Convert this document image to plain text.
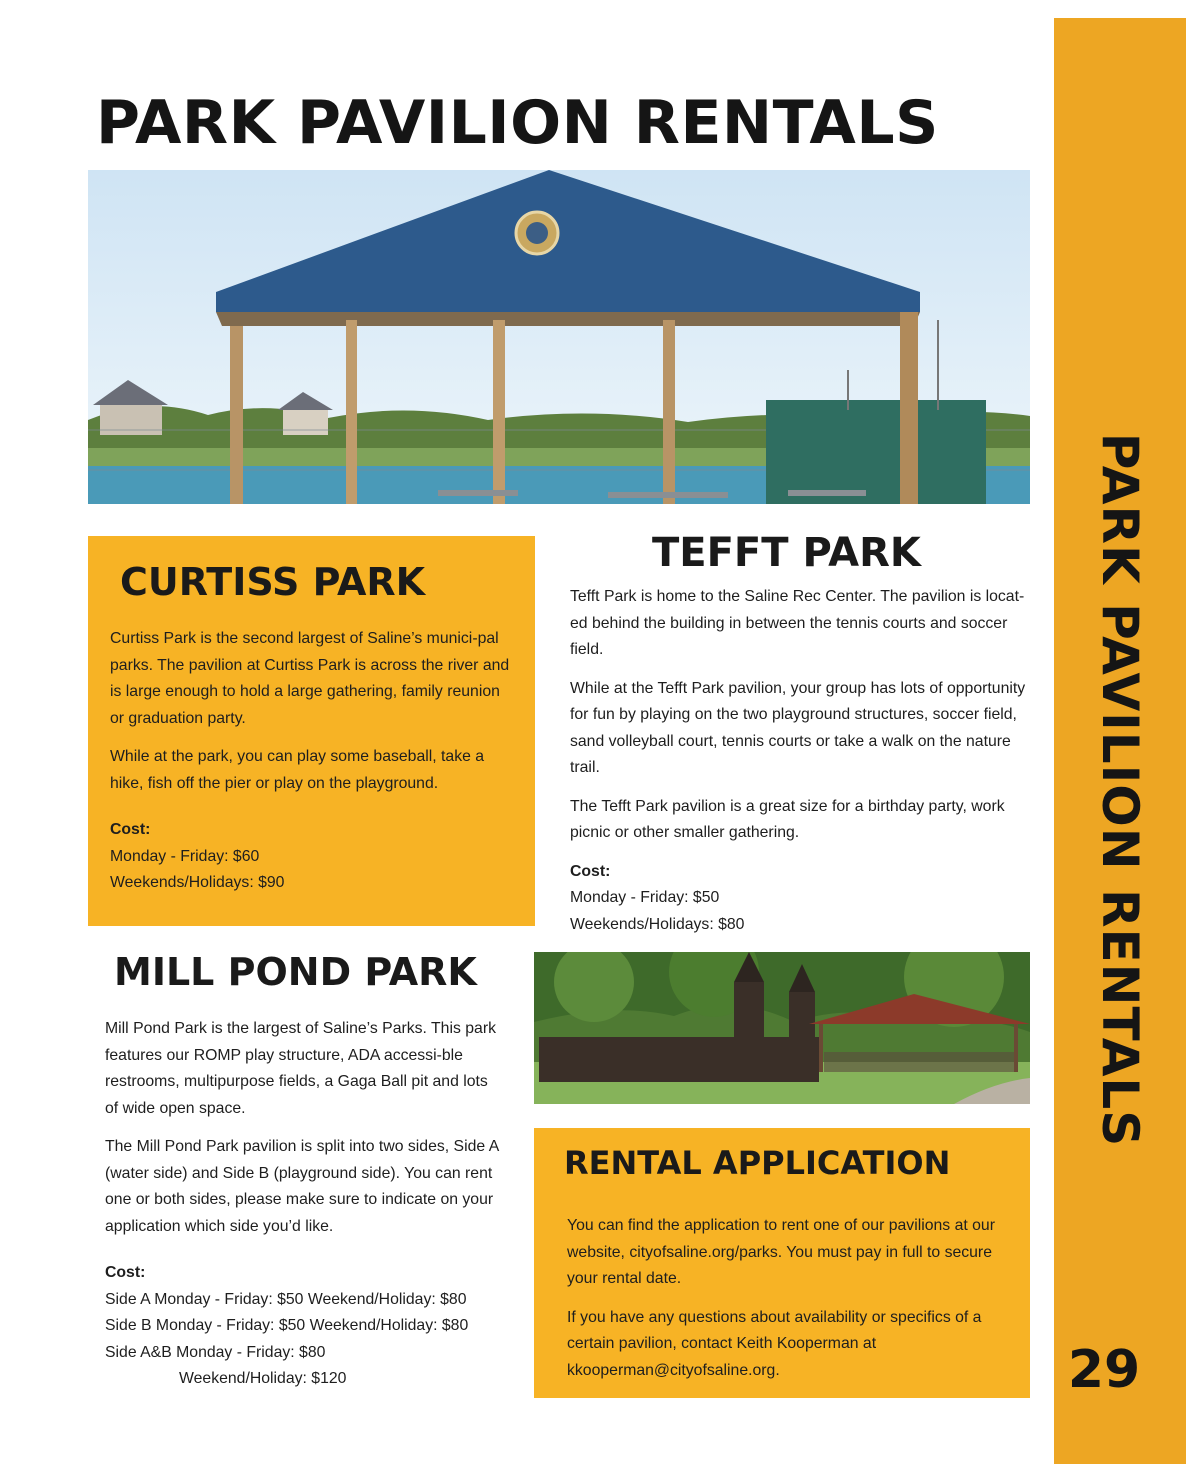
PARK PAVILION RENTALS
29
PARK PAVILION RENTALS
CURTISS PARK

Curtiss Park is the second largest of Saline’s munici-pal parks. The pavilion at Curtiss Park is across the river and is large enough to hold a large gathering, family reunion or graduation party.

While at the park, you can play some baseball, take a hike, fish off the pier or play on the playground.

Cost:
Monday - Friday: $60
Weekends/Holidays: $90
TEFFT PARK

Tefft Park is home to the Saline Rec Center. The pavilion is locat-ed behind the building in between the tennis courts and soccer field.

While at the Tefft Park pavilion, your group has lots of opportunity for fun by playing on the two playground structures, soccer field, sand volleyball court, tennis courts or take a walk on the nature trail.

The Tefft Park pavilion is a great size for a birthday party, work picnic or other smaller gathering.

Cost:
Monday - Friday: $50
Weekends/Holidays: $80
MILL POND PARK

Mill Pond Park is the largest of Saline’s Parks. This park features our ROMP play structure, ADA accessi-ble restrooms, multipurpose fields, a Gaga Ball pit and lots of wide open space.

The Mill Pond Park pavilion is split into two sides, Side A (water side) and Side B (playground side). You can rent one or both sides, please make sure to indicate on your application which side you’d like.

Cost:
Side A Monday - Friday: $50 Weekend/Holiday: $80
Side B Monday - Friday: $50 Weekend/Holiday: $80
Side A&B Monday - Friday: $80
Weekend/Holiday: $120
RENTAL APPLICATION

You can find the application to rent one of our pavilions at our website, cityofsaline.org/parks. You must pay in full to secure your rental date.

If you have any questions about availability or specifics of a certain pavilion, contact Keith Kooperman at kkooperman@cityofsaline.org.
